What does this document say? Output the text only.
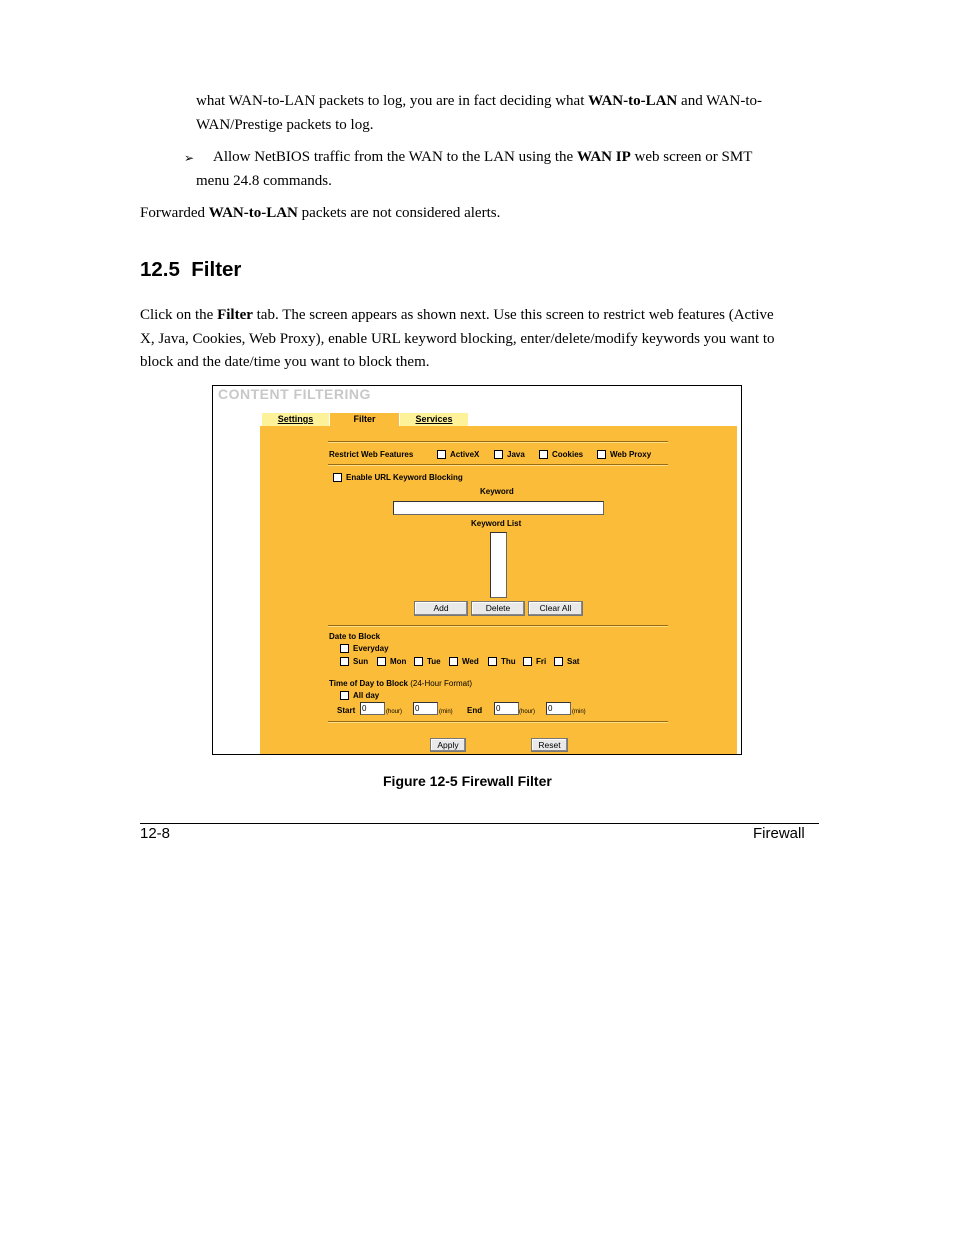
what WAN-to-LAN packets to log, you are in fact deciding what WAN-to-LAN and WAN-to-
WAN/Prestige packets to log.
➢	Allow NetBIOS traffic from the WAN to the LAN using the WAN IP web screen or SMT
menu 24.8 commands.
Forwarded WAN-to-LAN packets are not considered alerts.
12.5  Filter
Click on the Filter tab. The screen appears as shown next. Use this screen to restrict web features (Active
X, Java, Cookies, Web Proxy), enable URL keyword blocking, enter/delete/modify keywords you want to
block and the date/time you want to block them.
CONTENT FILTERING
Settings	Filter	Services
Restrict Web Features	ActiveX	Java	Cookies	Web Proxy
Enable URL Keyword Blocking
Keyword
Keyword List
Add	Delete	Clear All
Date to Block
Everyday
Sun	Mon	Tue	Wed	Thu	Fri	Sat
Time of Day to Block (24-Hour Format)
All day
Start 0	(hour) 0	(min) End 0	(hour) 0	(min)
Apply	Reset
Figure 12-5 Firewall Filter
12-8	Firewall
